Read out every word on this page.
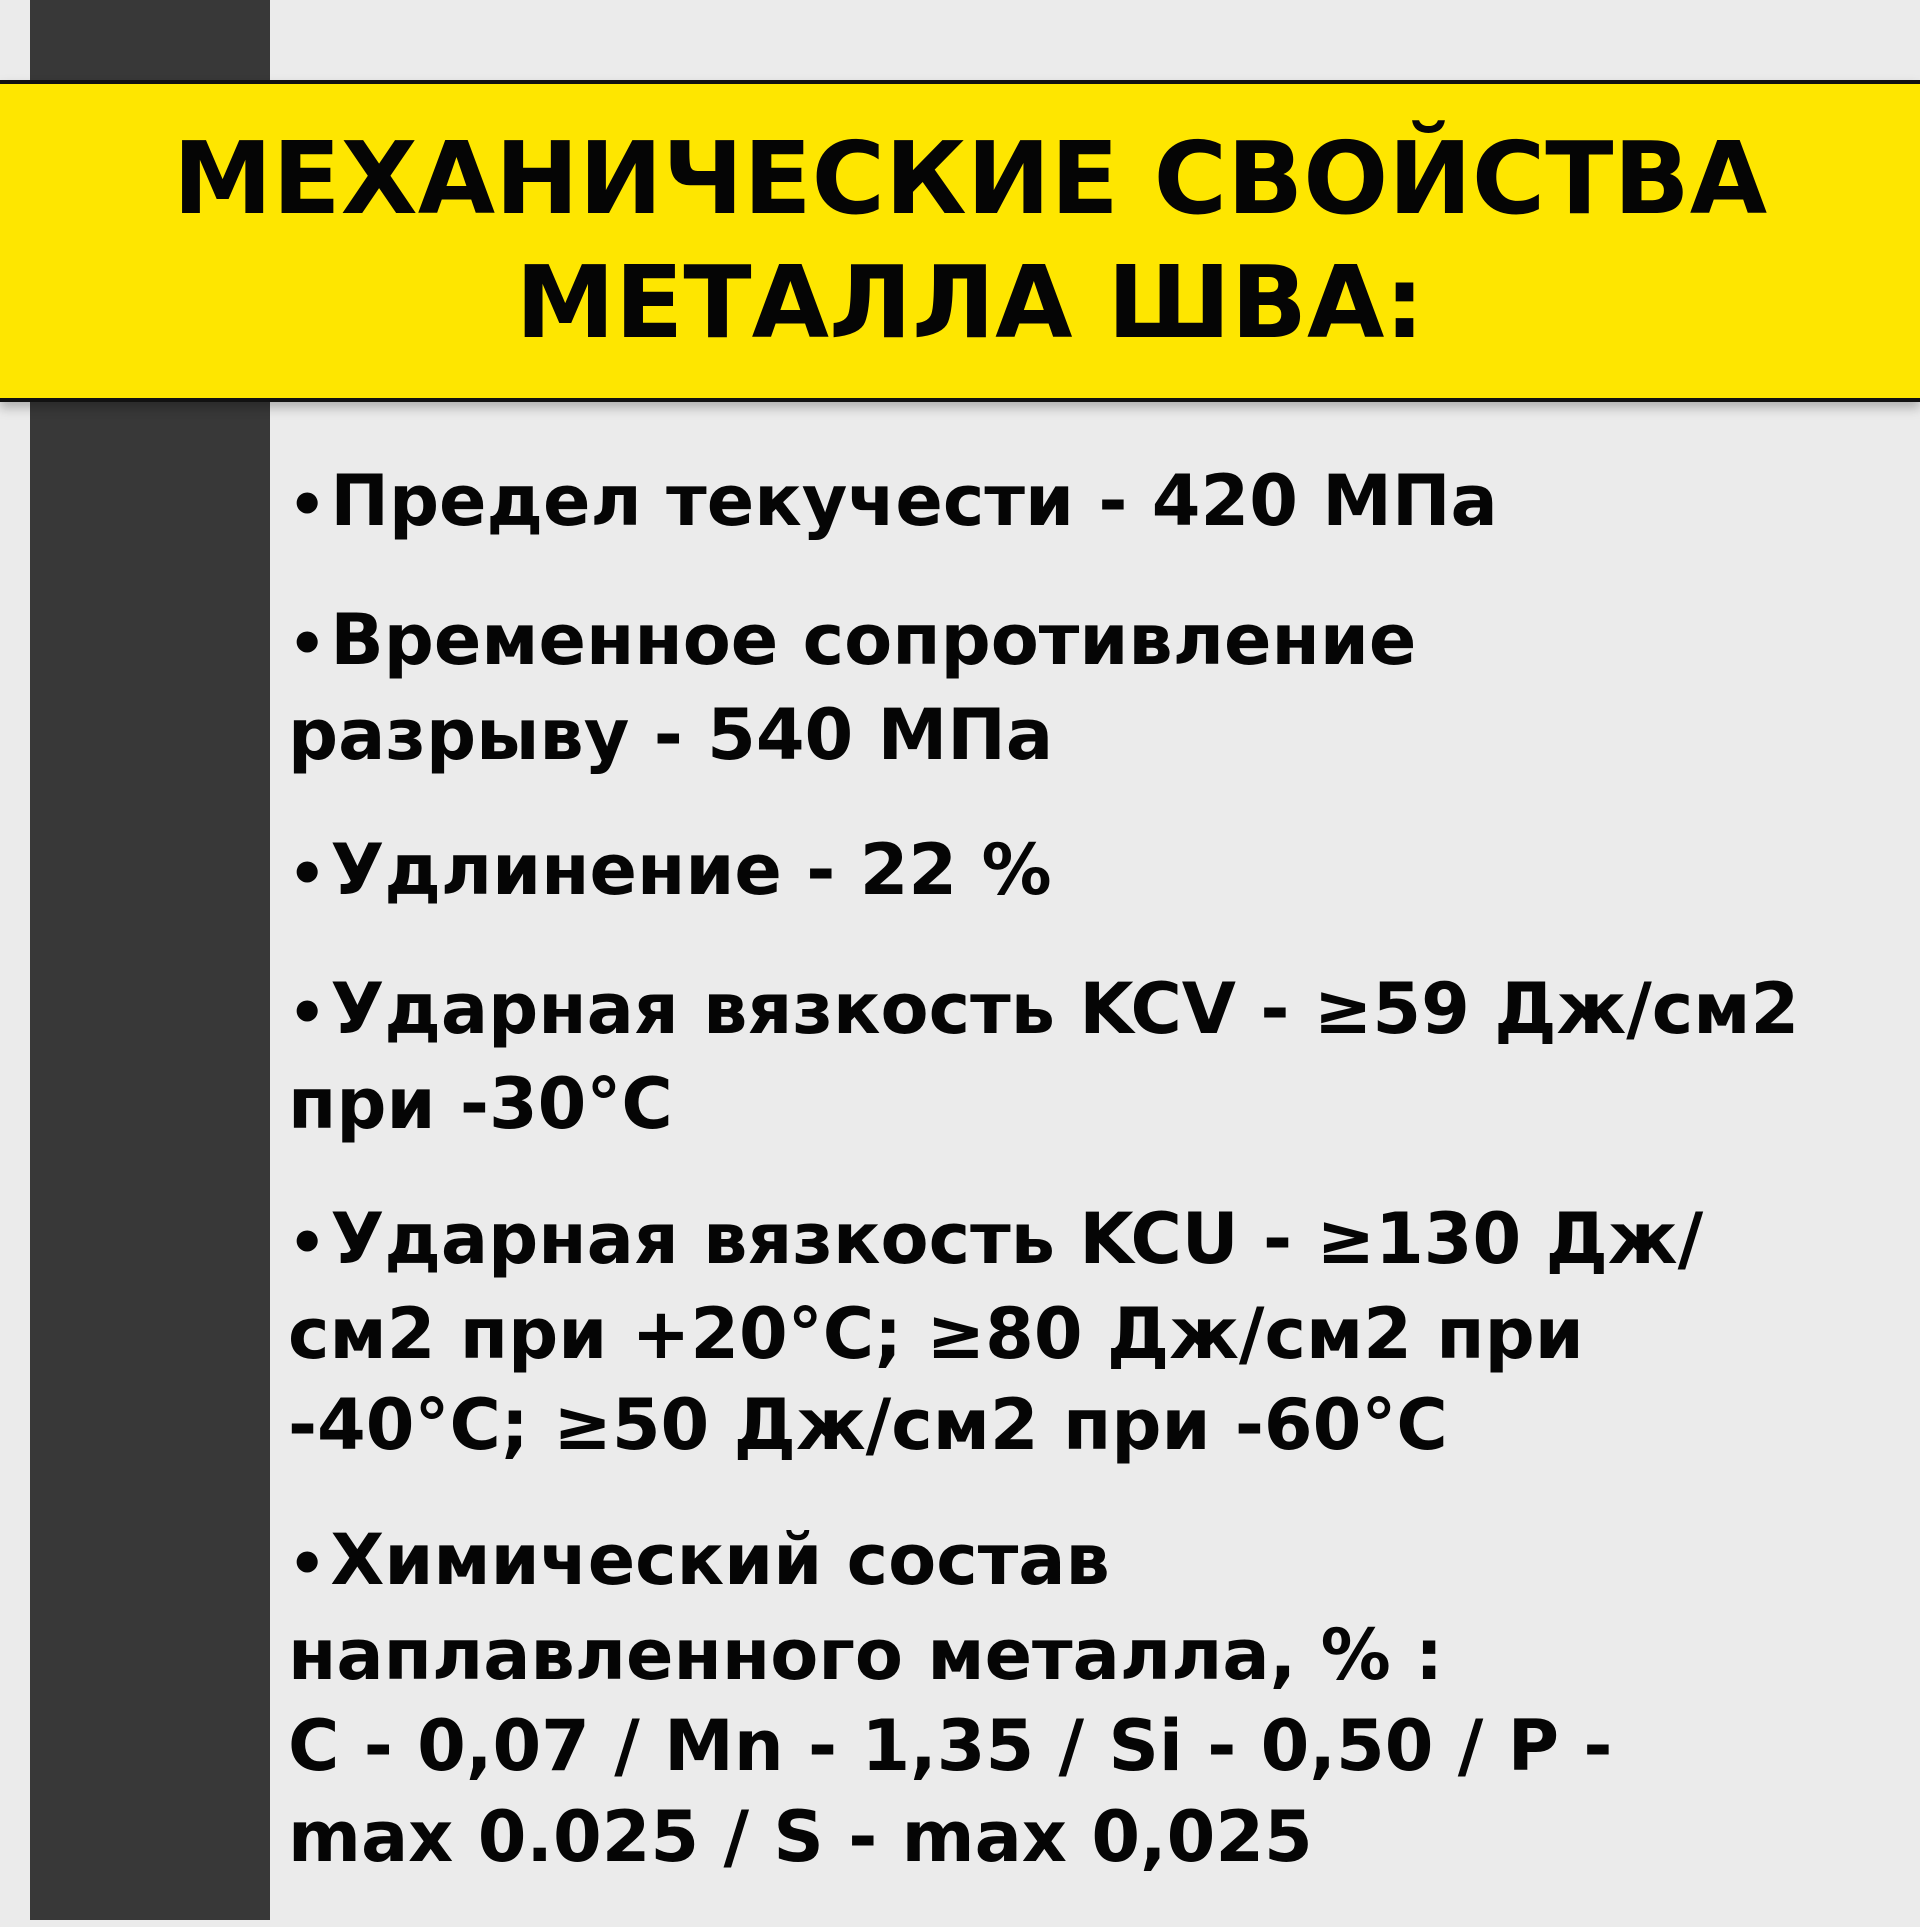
МЕХАНИЧЕСКИЕ СВОЙСТВА
МЕТАЛЛА ШВА:
•Предел текучести - 420 МПа
•Временное сопротивление
разрыву - 540 МПа
•Удлинение - 22 %
•Ударная вязкость KCV - ≥59 Дж/см2
при -30°C
•Ударная вязкость KCU - ≥130 Дж/
см2 при +20°C; ≥80 Дж/см2 при
-40°C; ≥50 Дж/см2 при -60°C
•Химический состав
наплавленного металла, % :
C - 0,07 / Mn - 1,35 / Si - 0,50 / P -
max 0.025 / S - max 0,025
